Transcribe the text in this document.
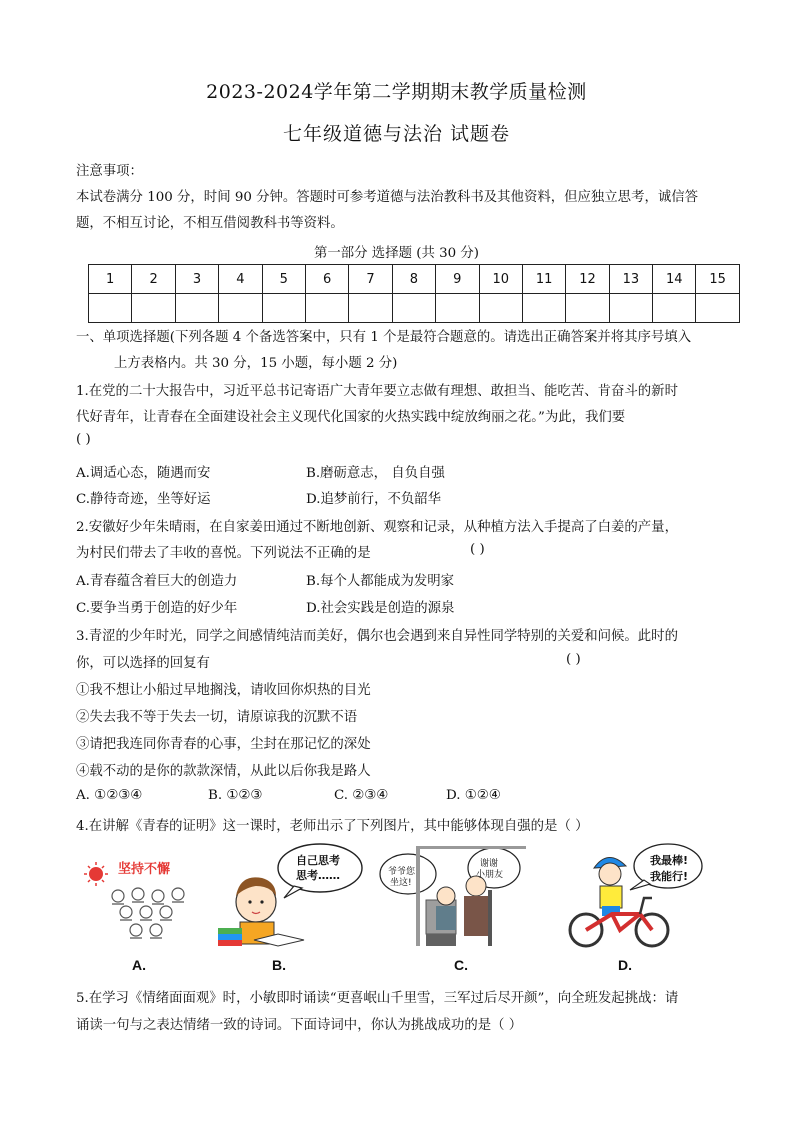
2023-2024学年第二学期期末教学质量检测
七年级道德与法治 试题卷
注意事项：
本试卷满分 100 分，时间 90 分钟。答题时可参考道德与法治教科书及其他资料，但应独立思考，诚信答
题，不相互讨论，不相互借阅教科书等资料。
第一部分 选择题 (共 30 分)
1	2	3	4	5	6	7	8	9	10	11	12	13	14	15

一、单项选择题(下列各题 4 个备选答案中，只有 1 个是最符合题意的。请选出正确答案并将其序号填入
上方表格内。共 30 分，15 小题，每小题 2 分)
1.在党的二十大报告中，习近平总书记寄语广大青年要立志做有理想、敢担当、能吃苦、肯奋斗的新时
代好青年，让青春在全面建设社会主义现代化国家的火热实践中绽放绚丽之花。”为此，我们要
( )
A.调适心态，随遇而安	B.磨砺意志， 自负自强
C.静待奇迹，坐等好运	D.追梦前行，不负韶华
2.安徽好少年朱晴雨，在自家姜田通过不断地创新、观察和记录，从种植方法入手提高了白姜的产量，
为村民们带去了丰收的喜悦。下列说法不正确的是	( )
A.青春蕴含着巨大的创造力	B.每个人都能成为发明家
C.要争当勇于创造的好少年	D.社会实践是创造的源泉
3.青涩的少年时光，同学之间感情纯洁而美好，偶尔也会遇到来自异性同学特别的关爱和问候。此时的
你，可以选择的回复有	( )
①我不想让小船过早地搁浅，请收回你炽热的目光
②失去我不等于失去一切，请原谅我的沉默不语
③请把我连同你青春的心事，尘封在那记忆的深处
④载不动的是你的款款深情，从此以后你我是路人
A. ①②③④	B. ①②③	C. ②③④	D. ①②④
4.在讲解《青春的证明》这一课时，老师出示了下列图片，其中能够体现自强的是（ ）
坚持不懈
自己思考
思考……	爷爷您
坐这!
谢谢
小朋友
我最棒!
我能行!
A.	B.	C.	D.
5.在学习《情绪面面观》时，小敏即时诵读“更喜岷山千里雪，三军过后尽开颜”，向全班发起挑战：请
诵读一句与之表达情绪一致的诗词。下面诗词中，你认为挑战成功的是（ ）
